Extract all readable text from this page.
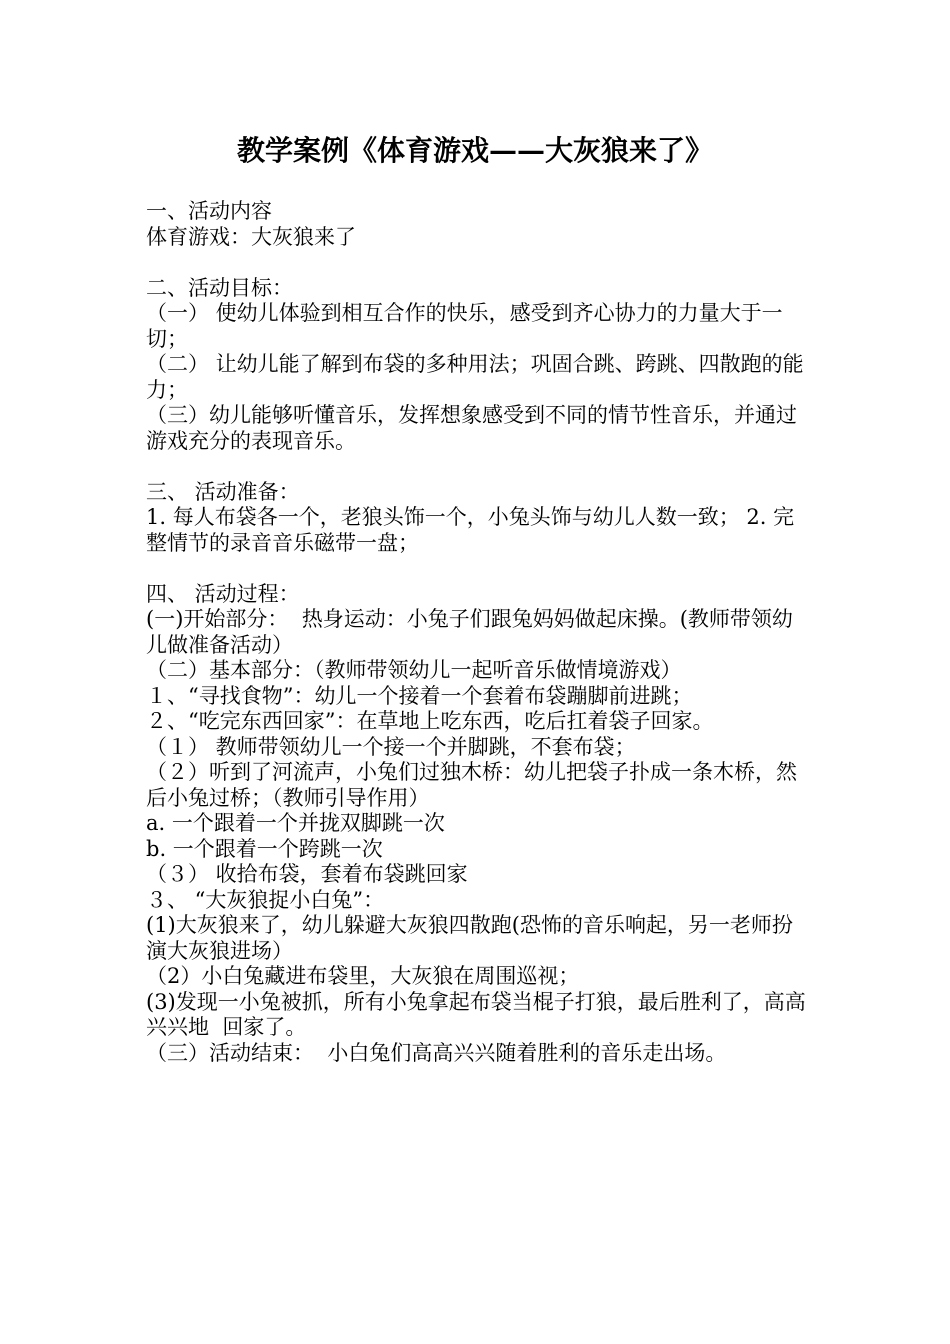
教学案例《体育游戏——大灰狼来了》
一、活动内容
体育游戏：大灰狼来了
二、活动目标：
（一） 使幼儿体验到相互合作的快乐，感受到齐心协力的力量大于一切；
（二） 让幼儿能了解到布袋的多种用法；巩固合跳、跨跳、四散跑的能力；
（三）幼儿能够听懂音乐，发挥想象感受到不同的情节性音乐，并通过游戏充分的表现音乐。
三、 活动准备：
1. 每人布袋各一个，老狼头饰一个，小兔头饰与幼儿人数一致； 2. 完整情节的录音音乐磁带一盘；
四、 活动过程：
(一)开始部分：  热身运动：小兔子们跟兔妈妈做起床操。(教师带领幼儿做准备活动）
（二）基本部分：（教师带领幼儿一起听音乐做情境游戏）
１、“寻找食物”：幼儿一个接着一个套着布袋蹦脚前进跳；
２、“吃完东西回家”：在草地上吃东西，吃后扛着袋子回家。
（１） 教师带领幼儿一个接一个并脚跳，不套布袋；
（２）听到了河流声，小兔们过独木桥：幼儿把袋子扑成一条木桥，然后小兔过桥；（教师引导作用）
a. 一个跟着一个并拢双脚跳一次
b. 一个跟着一个跨跳一次
（３） 收拾布袋，套着布袋跳回家
３、 “大灰狼捉小白兔”：
(1)大灰狼来了，幼儿躲避大灰狼四散跑(恐怖的音乐响起，另一老师扮演大灰狼进场）
（2）小白兔藏进布袋里，大灰狼在周围巡视；
(3)发现一小兔被抓，所有小兔拿起布袋当棍子打狼，最后胜利了，高高兴兴地  回家了。
（三）活动结束：  小白兔们高高兴兴随着胜利的音乐走出场。
